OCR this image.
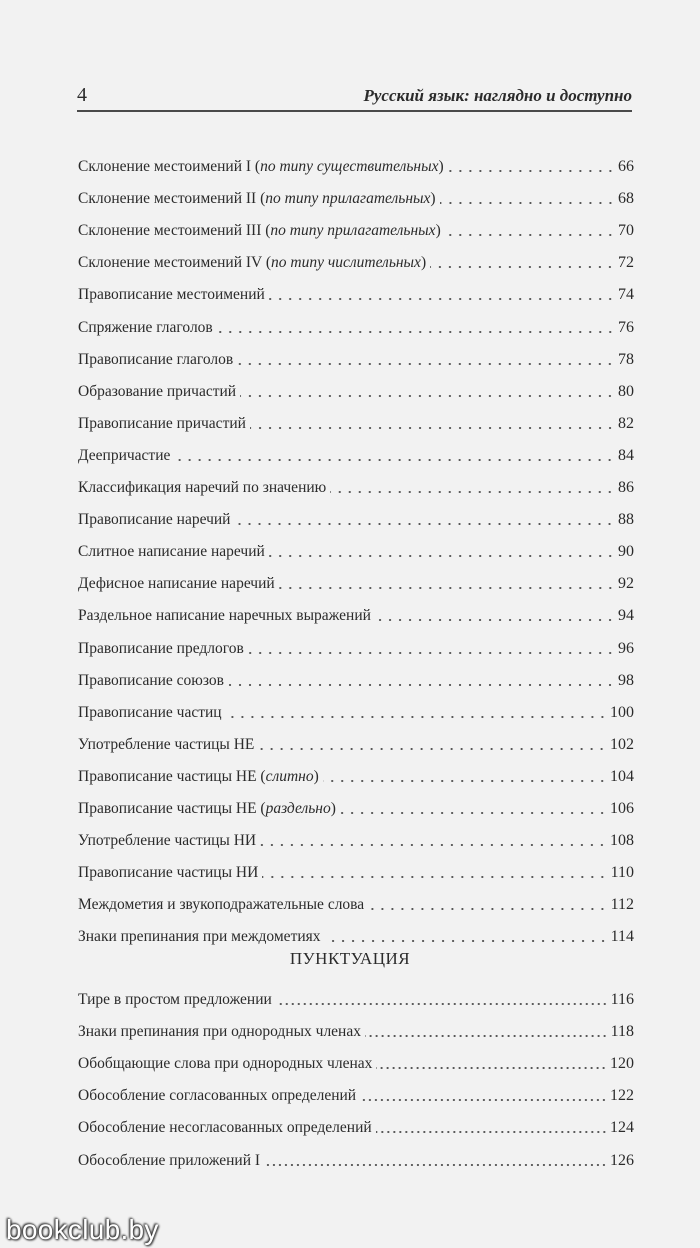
4	Русский язык: наглядно и доступно
Склонение местоимений I (по типу существительных)	66
Склонение местоимений II (по типу прилагательных)	68
Склонение местоимений III (по типу прилагательных)	70
Склонение местоимений IV (по типу числительных)	72
Правописание местоимений	74
Спряжение глаголов	76
Правописание глаголов	78
Образование причастий	80
Правописание причастий	82
Деепричастие	84
Классификация наречий по значению	86
Правописание наречий	88
Слитное написание наречий	90
Дефисное написание наречий	92
Раздельное написание наречных выражений	94
Правописание предлогов	96
Правописание союзов	98
Правописание частиц	100
Употребление частицы НЕ	102
Правописание частицы НЕ (слитно)	104
Правописание частицы НЕ (раздельно)	106
Употребление частицы НИ	108
Правописание частицы НИ	110
Междометия и звукоподражательные слова	112
Знаки препинания при междометиях	114
ПУНКТУАЦИЯ
Тире в простом предложении	116
Знаки препинания при однородных членах	118
Обобщающие слова при однородных членах	120
Обособление согласованных определений	122
Обособление несогласованных определений	124
Обособление приложений I	126
bookclub.by
